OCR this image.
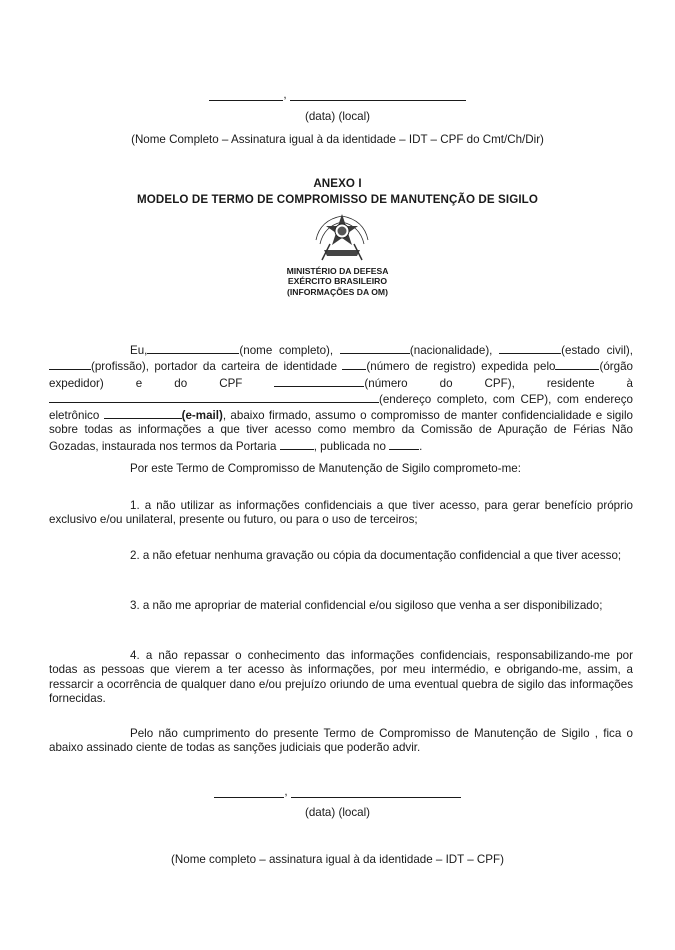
,
(data) (local)
(Nome Completo – Assinatura igual à da identidade – IDT – CPF do Cmt/Ch/Dir)
ANEXO I
MODELO DE TERMO DE COMPROMISSO DE MANUTENÇÃO DE SIGILO
MINISTÉRIO DA DEFESA
EXÉRCITO BRASILEIRO
(INFORMAÇÕES DA OM)
Eu,	(nome completo),	(nacionalidade),	(estado civil), (profissão), portador da carteira de identidade	(número de registro) expedida pelo	(órgão expedidor) e do CPF	(número do CPF), residente à (endereço completo, com CEP), com endereço eletrônico	(e-mail), abaixo firmado, assumo o compromisso de manter confidencialidade e sigilo sobre todas as informações a que tiver acesso como membro da Comissão de Apuração de Férias Não Gozadas, instaurada nos termos da Portaria	, publicada no	.
Por este Termo de Compromisso de Manutenção de Sigilo comprometo-me:
1. a não utilizar as informações confidenciais a que tiver acesso, para gerar benefício próprio exclusivo e/ou unilateral, presente ou futuro, ou para o uso de terceiros;
2. a não efetuar nenhuma gravação ou cópia da documentação confidencial a que tiver acesso;
3. a não me apropriar de material confidencial e/ou sigiloso que venha a ser disponibilizado;
4. a não repassar o conhecimento das informações confidenciais, responsabilizando-me por todas as pessoas que vierem a ter acesso às informações, por meu intermédio, e obrigando-me, assim, a ressarcir a ocorrência de qualquer dano e/ou prejuízo oriundo de uma eventual quebra de sigilo das informações fornecidas.
Pelo não cumprimento do presente Termo de Compromisso de Manutenção de Sigilo , fica o abaixo assinado ciente de todas as sanções judiciais que poderão advir.
,
(data) (local)
(Nome completo – assinatura igual à da identidade – IDT – CPF)
